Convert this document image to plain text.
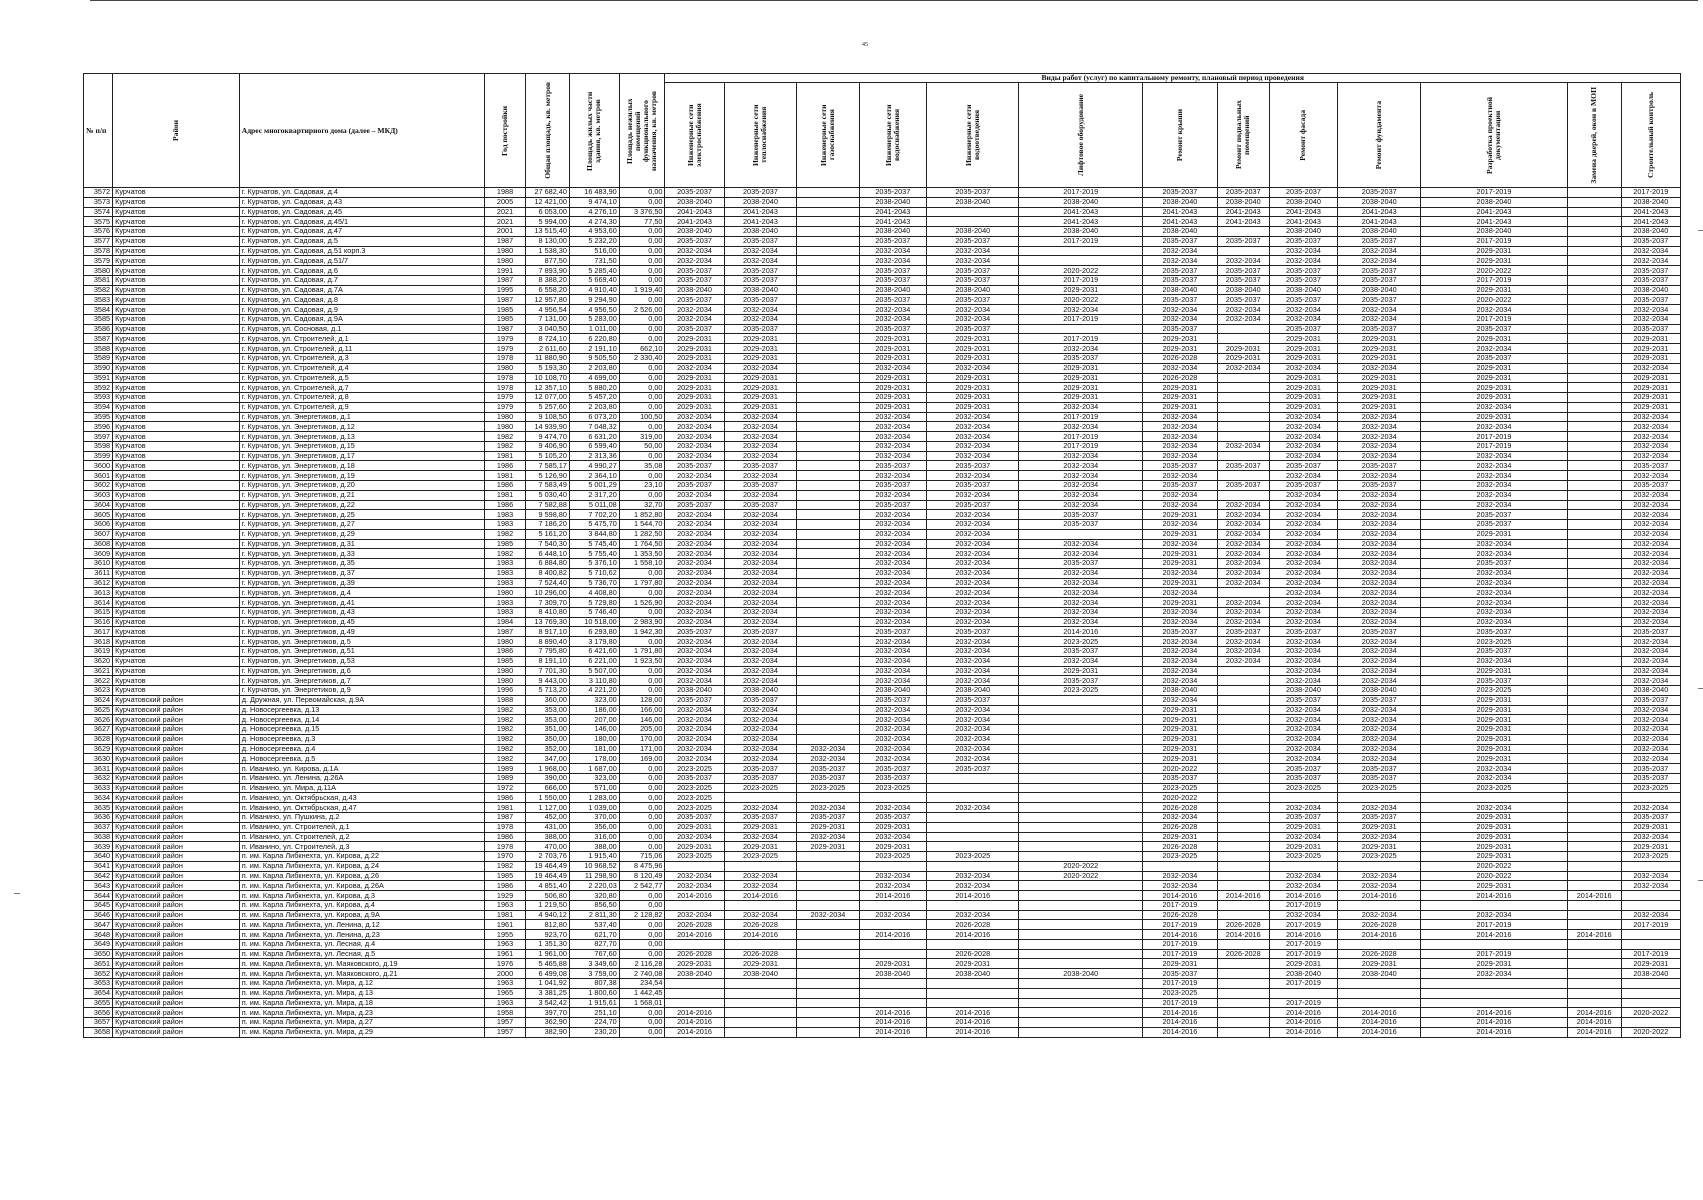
45
№ п/п	Район	Адрес многоквартирного дома (далее – МКД)	Год постройки	Общая площадь, кв. метров	Площадь жилых части здания, кв. метров	Площадь нежилых помещений функционального назначения, кв. метров	Виды работ (услуг) по капитальному ремонту, плановый период проведения												

							Инженерные сети электроснабжения	Инженерные сети теплоснабжения	Инженерные сети газоснабжения	Инженерные сети водоснабжения	Инженерные сети водоотведения	Лифтовое оборудование	Ремонт крыши	Ремонт подвальных помещений	Ремонт фасада	Ремонт фундамента	Разработка проектной документации	Замена дверей, окон в МОП	Строительный контроль

3572	Курчатов	г. Курчатов, ул. Садовая, д.4	1988	27 682,40	16 483,90	0,00	2035-2037	2035-2037		2035-2037	2035-2037	2017-2019	2035-2037	2035-2037	2035-2037	2035-2037	2017-2019		2017-2019
3573	Курчатов	г. Курчатов, ул. Садовая, д.43	2005	12 421,00	9 474,10	0,00	2038-2040	2038-2040		2038-2040	2038-2040	2038-2040	2038-2040	2038-2040	2038-2040	2038-2040	2038-2040		2038-2040
3574	Курчатов	г. Курчатов, ул. Садовая, д.45	2021	6 053,00	4 276,10	3 376,50	2041-2043	2041-2043		2041-2043		2041-2043	2041-2043	2041-2043	2041-2043	2041-2043	2041-2043		2041-2043
3575	Курчатов	г. Курчатов, ул. Садовая, д.45/1	2021	5 994,00	4 274,30	77,50	2041-2043	2041-2043		2041-2043		2041-2043	2041-2043	2041-2043	2041-2043	2041-2043	2041-2043		2041-2043
3576	Курчатов	г. Курчатов, ул. Садовая, д.47	2001	13 515,40	4 953,60	0,00	2038-2040	2038-2040		2038-2040	2038-2040	2038-2040	2038-2040		2038-2040	2038-2040	2038-2040		2038-2040
3577	Курчатов	г. Курчатов, ул. Садовая, д.5	1987	8 130,00	5 232,20	0,00	2035-2037	2035-2037		2035-2037	2035-2037	2017-2019	2035-2037	2035-2037	2035-2037	2035-2037	2017-2019		2035-2037
3578	Курчатов	г. Курчатов, ул. Садовая, д.51 корп.3	1980	1 538,30	516,00	0,00	2032-2034	2032-2034		2032-2034	2032-2034		2032-2034		2032-2034	2032-2034	2029-2031		2032-2034
3579	Курчатов	г. Курчатов, ул. Садовая, д.51/7	1980	877,50	731,50	0,00	2032-2034	2032-2034		2032-2034	2032-2034		2032-2034	2032-2034	2032-2034	2032-2034	2029-2031		2032-2034
3580	Курчатов	г. Курчатов, ул. Садовая, д.6	1991	7 893,90	5 285,40	0,00	2035-2037	2035-2037		2035-2037	2035-2037	2020-2022	2035-2037	2035-2037	2035-2037	2035-2037	2020-2022		2035-2037
3581	Курчатов	г. Курчатов, ул. Садовая, д.7	1987	8 388,20	5 669,40	0,00	2035-2037	2035-2037		2035-2037	2035-2037	2017-2019	2035-2037	2035-2037	2035-2037	2035-2037	2017-2019		2035-2037
3582	Курчатов	г. Курчатов, ул. Садовая, д.7А	1995	6 558,20	4 910,40	1 919,40	2038-2040	2038-2040		2038-2040	2038-2040	2029-2031	2038-2040	2038-2040	2038-2040	2038-2040	2029-2031		2038-2040
3583	Курчатов	г. Курчатов, ул. Садовая, д.8	1987	12 957,80	9 294,90	0,00	2035-2037	2035-2037		2035-2037	2035-2037	2020-2022	2035-2037	2035-2037	2035-2037	2035-2037	2020-2022		2035-2037
3584	Курчатов	г. Курчатов, ул. Садовая, д.9	1985	4 956,54	4 956,50	2 526,00	2032-2034	2032-2034		2032-2034	2032-2034	2032-2034	2032-2034	2032-2034	2032-2034	2032-2034	2032-2034		2032-2034
3585	Курчатов	г. Курчатов, ул. Садовая, д.9А	1985	7 131,00	5 283,00	0,00	2032-2034	2032-2034		2032-2034	2032-2034	2017-2019	2032-2034	2032-2034	2032-2034	2032-2034	2017-2019		2032-2034
3586	Курчатов	г. Курчатов, ул. Сосновая, д.1	1987	3 040,50	1 011,00	0,00	2035-2037	2035-2037		2035-2037	2035-2037		2035-2037		2035-2037	2035-2037	2035-2037		2035-2037
3587	Курчатов	г. Курчатов, ул. Строителей, д.1	1979	8 724,10	6 220,80	0,00	2029-2031	2029-2031		2029-2031	2029-2031	2017-2019	2029-2031		2029-2031	2029-2031	2029-2031		2029-2031
3588	Курчатов	г. Курчатов, ул. Строителей, д.11	1979	2 611,60	2 191,10	662,10	2029-2031	2029-2031		2029-2031	2029-2031	2032-2034	2029-2031	2029-2031	2029-2031	2029-2031	2032-2034		2029-2031
3589	Курчатов	г. Курчатов, ул. Строителей, д.3	1978	11 880,90	9 505,50	2 330,40	2029-2031	2029-2031		2029-2031	2029-2031	2035-2037	2026-2028	2029-2031	2029-2031	2029-2031	2035-2037		2029-2031
3590	Курчатов	г. Курчатов, ул. Строителей, д.4	1980	5 193,30	2 203,80	0,00	2032-2034	2032-2034		2032-2034	2032-2034	2029-2031	2032-2034	2032-2034	2032-2034	2032-2034	2029-2031		2032-2034
3591	Курчатов	г. Курчатов, ул. Строителей, д.5	1978	10 108,70	4 699,00	0,00	2029-2031	2029-2031		2029-2031	2029-2031	2029-2031	2026-2028		2029-2031	2029-2031	2029-2031		2029-2031
3592	Курчатов	г. Курчатов, ул. Строителей, д.7	1978	12 357,10	5 880,20	0,00	2029-2031	2029-2031		2029-2031	2029-2031	2029-2031	2029-2031		2029-2031	2029-2031	2029-2031		2029-2031
3593	Курчатов	г. Курчатов, ул. Строителей, д.8	1979	12 077,00	5 457,20	0,00	2029-2031	2029-2031		2029-2031	2029-2031	2029-2031	2029-2031		2029-2031	2029-2031	2029-2031		2029-2031
3594	Курчатов	г. Курчатов, ул. Строителей, д.9	1979	5 257,60	2 203,80	0,00	2029-2031	2029-2031		2029-2031	2029-2031	2032-2034	2029-2031		2029-2031	2029-2031	2032-2034		2029-2031
3595	Курчатов	г. Курчатов, ул. Энергетиков, д.1	1980	9 108,50	6 073,20	100,50	2032-2034	2032-2034		2032-2034	2032-2034	2017-2019	2032-2034		2032-2034	2032-2034	2029-2031		2032-2034
3596	Курчатов	г. Курчатов, ул. Энергетиков, д.12	1980	14 939,90	7 048,32	0,00	2032-2034	2032-2034		2032-2034	2032-2034	2032-2034	2032-2034		2032-2034	2032-2034	2032-2034		2032-2034
3597	Курчатов	г. Курчатов, ул. Энергетиков, д.13	1982	9 474,70	6 631,20	319,00	2032-2034	2032-2034		2032-2034	2032-2034	2017-2019	2032-2034		2032-2034	2032-2034	2017-2019		2032-2034
3598	Курчатов	г. Курчатов, ул. Энергетиков, д.15	1982	9 406,90	6 599,40	50,00	2032-2034	2032-2034		2032-2034	2032-2034	2017-2019	2032-2034	2032-2034	2032-2034	2032-2034	2017-2019		2032-2034
3599	Курчатов	г. Курчатов, ул. Энергетиков, д.17	1981	5 105,20	2 313,36	0,00	2032-2034	2032-2034		2032-2034	2032-2034	2032-2034	2032-2034		2032-2034	2032-2034	2032-2034		2032-2034
3600	Курчатов	г. Курчатов, ул. Энергетиков, д.18	1986	7 585,17	4 990,27	35,08	2035-2037	2035-2037		2035-2037	2035-2037	2032-2034	2035-2037	2035-2037	2035-2037	2035-2037	2032-2034		2035-2037
3601	Курчатов	г. Курчатов, ул. Энергетиков, д.19	1981	5 126,90	2 364,10	0,00	2032-2034	2032-2034		2032-2034	2032-2034	2032-2034	2032-2034		2032-2034	2032-2034	2032-2034		2032-2034
3602	Курчатов	г. Курчатов, ул. Энергетиков, д.20	1986	7 583,49	5 001,29	23,10	2035-2037	2035-2037		2035-2037	2035-2037	2032-2034	2035-2037	2035-2037	2035-2037	2035-2037	2032-2034		2035-2037
3603	Курчатов	г. Курчатов, ул. Энергетиков, д.21	1981	5 030,40	2 317,20	0,00	2032-2034	2032-2034		2032-2034	2032-2034	2032-2034	2032-2034		2032-2034	2032-2034	2032-2034		2032-2034
3604	Курчатов	г. Курчатов, ул. Энергетиков, д.22	1986	7 582,88	5 011,08	32,70	2035-2037	2035-2037		2035-2037	2035-2037	2032-2034	2032-2034	2032-2034	2032-2034	2032-2034	2032-2034		2032-2034
3605	Курчатов	г. Курчатов, ул. Энергетиков, д.25	1983	9 598,80	7 702,20	1 852,80	2032-2034	2032-2034		2032-2034	2032-2034	2035-2037	2029-2031	2032-2034	2032-2034	2032-2034	2035-2037		2032-2034
3606	Курчатов	г. Курчатов, ул. Энергетиков, д.27	1983	7 186,20	5 475,70	1 544,70	2032-2034	2032-2034		2032-2034	2032-2034	2035-2037	2032-2034	2032-2034	2032-2034	2032-2034	2035-2037		2032-2034
3607	Курчатов	г. Курчатов, ул. Энергетиков, д.29	1982	5 161,20	3 844,80	1 282,50	2032-2034	2032-2034		2032-2034	2032-2034		2029-2031	2032-2034	2032-2034	2032-2034	2029-2031		2032-2034
3608	Курчатов	г. Курчатов, ул. Энергетиков, д.31	1985	7 540,30	5 745,40	1 764,50	2032-2034	2032-2034		2032-2034	2032-2034	2032-2034	2032-2034	2032-2034	2032-2034	2032-2034	2032-2034		2032-2034
3609	Курчатов	г. Курчатов, ул. Энергетиков, д.33	1982	6 448,10	5 755,40	1 353,50	2032-2034	2032-2034		2032-2034	2032-2034	2032-2034	2029-2031	2032-2034	2032-2034	2032-2034	2032-2034		2032-2034
3610	Курчатов	г. Курчатов, ул. Энергетиков, д.35	1983	6 884,80	5 376,10	1 558,10	2032-2034	2032-2034		2032-2034	2032-2034	2035-2037	2029-2031	2032-2034	2032-2034	2032-2034	2035-2037		2032-2034
3611	Курчатов	г. Курчатов, ул. Энергетиков, д.37	1983	8 400,82	5 710,62	0,00	2032-2034	2032-2034		2032-2034	2032-2034	2032-2034	2032-2034	2032-2034	2032-2034	2032-2034	2032-2034		2032-2034
3612	Курчатов	г. Курчатов, ул. Энергетиков, д.39	1983	7 524,40	5 736,70	1 797,80	2032-2034	2032-2034		2032-2034	2032-2034	2032-2034	2029-2031	2032-2034	2032-2034	2032-2034	2032-2034		2032-2034
3613	Курчатов	г. Курчатов, ул. Энергетиков, д.4	1980	10 296,00	4 408,80	0,00	2032-2034	2032-2034		2032-2034	2032-2034	2032-2034	2032-2034		2032-2034	2032-2034	2032-2034		2032-2034
3614	Курчатов	г. Курчатов, ул. Энергетиков, д.41	1983	7 309,70	5 729,80	1 526,90	2032-2034	2032-2034		2032-2034	2032-2034	2032-2034	2029-2031	2032-2034	2032-2034	2032-2034	2032-2034		2032-2034
3615	Курчатов	г. Курчатов, ул. Энергетиков, д.43	1983	8 410,80	5 746,40	0,00	2032-2034	2032-2034		2032-2034	2032-2034	2032-2034	2032-2034	2032-2034	2032-2034	2032-2034	2032-2034		2032-2034
3616	Курчатов	г. Курчатов, ул. Энергетиков, д.45	1984	13 769,30	10 518,00	2 983,90	2032-2034	2032-2034		2032-2034	2032-2034	2032-2034	2032-2034	2032-2034	2032-2034	2032-2034	2032-2034		2032-2034
3617	Курчатов	г. Курчатов, ул. Энергетиков, д.49	1987	8 917,10	6 293,80	1 942,30	2035-2037	2035-2037		2035-2037	2035-2037	2014-2016	2035-2037	2035-2037	2035-2037	2035-2037	2035-2037		2035-2037
3618	Курчатов	г. Курчатов, ул. Энергетиков, д.5	1980	8 890,40	3 179,80	0,00	2032-2034	2032-2034		2032-2034	2032-2034	2023-2025	2032-2034	2032-2034	2032-2034	2032-2034	2023-2025		2032-2034
3619	Курчатов	г. Курчатов, ул. Энергетиков, д.51	1986	7 795,80	6 421,60	1 791,80	2032-2034	2032-2034		2032-2034	2032-2034	2035-2037	2032-2034	2032-2034	2032-2034	2032-2034	2035-2037		2032-2034
3620	Курчатов	г. Курчатов, ул. Энергетиков, д.53	1985	8 191,10	6 221,00	1 923,50	2032-2034	2032-2034		2032-2034	2032-2034	2032-2034	2032-2034	2032-2034	2032-2034	2032-2034	2032-2034		2032-2034
3621	Курчатов	г. Курчатов, ул. Энергетиков, д.6	1980	7 701,30	5 507,00	0,00	2032-2034	2032-2034		2032-2034	2032-2034	2029-2031	2032-2034		2032-2034	2032-2034	2029-2031		2032-2034
3622	Курчатов	г. Курчатов, ул. Энергетиков, д.7	1980	9 443,00	3 110,80	0,00	2032-2034	2032-2034		2032-2034	2032-2034	2035-2037	2032-2034		2032-2034	2032-2034	2035-2037		2032-2034
3623	Курчатов	г. Курчатов, ул. Энергетиков, д.9	1996	5 713,20	4 221,20	0,00	2038-2040	2038-2040		2038-2040	2038-2040	2023-2025	2038-2040		2038-2040	2038-2040	2023-2025		2038-2040
3624	Курчатовский район	д. Дружная, ул. Первомайская, д.9А	1988	360,00	323,00	128,00	2035-2037	2035-2037		2035-2037	2035-2037		2032-2034		2035-2037	2035-2037	2029-2031		2035-2037
3625	Курчатовский район	д. Новосергеевка, д.13	1982	353,00	186,00	166,00	2032-2034	2032-2034		2032-2034	2032-2034		2029-2031		2032-2034	2032-2034	2029-2031		2032-2034
3626	Курчатовский район	д. Новосергеевка, д.14	1982	353,00	207,00	146,00	2032-2034	2032-2034		2032-2034	2032-2034		2029-2031		2032-2034	2032-2034	2029-2031		2032-2034
3627	Курчатовский район	д. Новосергеевка, д.15	1982	351,00	146,00	205,00	2032-2034	2032-2034		2032-2034	2032-2034		2029-2031		2032-2034	2032-2034	2029-2031		2032-2034
3628	Курчатовский район	д. Новосергеевка, д.3	1982	350,00	180,00	170,00	2032-2034	2032-2034		2032-2034	2032-2034		2029-2031		2032-2034	2032-2034	2029-2031		2032-2034
3629	Курчатовский район	д. Новосергеевка, д.4	1982	352,00	181,00	171,00	2032-2034	2032-2034	2032-2034	2032-2034	2032-2034		2029-2031		2032-2034	2032-2034	2029-2031		2032-2034
3630	Курчатовский район	д. Новосергеевка, д.5	1982	347,00	178,00	169,00	2032-2034	2032-2034	2032-2034	2032-2034	2032-2034		2029-2031		2032-2034	2032-2034	2029-2031		2032-2034
3631	Курчатовский район	п. Иванино, ул. Кирова, д.1А	1989	1 968,00	1 687,00	0,00	2023-2025	2035-2037	2035-2037	2035-2037	2035-2037		2020-2022		2035-2037	2035-2037	2032-2034		2035-2037
3632	Курчатовский район	п. Иванино, ул. Ленина, д.26А	1989	390,00	323,00	0,00	2035-2037	2035-2037	2035-2037	2035-2037			2035-2037		2035-2037	2035-2037	2032-2034		2035-2037
3633	Курчатовский район	п. Иванино, ул. Мира, д.11А	1972	666,00	571,00	0,00	2023-2025	2023-2025	2023-2025	2023-2025			2023-2025		2023-2025	2023-2025	2023-2025		2023-2025
3634	Курчатовский район	п. Иванино, ул. Октябрьская, д.43	1986	1 550,00	1 283,00	0,00	2023-2025						2020-2022						
3635	Курчатовский район	п. Иванино, ул. Октябрьская, д.47	1981	1 127,00	1 039,00	0,00	2023-2025	2032-2034	2032-2034	2032-2034	2032-2034		2026-2028		2032-2034	2032-2034	2032-2034		2032-2034
3636	Курчатовский район	п. Иванино, ул. Пушкина, д.2	1987	452,00	370,00	0,00	2035-2037	2035-2037	2035-2037	2035-2037			2032-2034		2035-2037	2035-2037	2029-2031		2035-2037
3637	Курчатовский район	п. Иванино, ул. Строителей, д.1	1978	431,00	356,00	0,00	2029-2031	2029-2031	2029-2031	2029-2031			2026-2028		2029-2031	2029-2031	2029-2031		2029-2031
3638	Курчатовский район	п. Иванино, ул. Строителей, д.2	1986	388,00	316,00	0,00	2032-2034	2032-2034	2032-2034	2032-2034			2029-2031		2032-2034	2032-2034	2029-2031		2032-2034
3639	Курчатовский район	п. Иванино, ул. Строителей, д.3	1978	470,00	388,00	0,00	2029-2031	2029-2031	2029-2031	2029-2031			2026-2028		2029-2031	2029-2031	2029-2031		2029-2031
3640	Курчатовский район	п. им. Карла Либкнехта, ул. Кирова, д.22	1970	2 703,76	1 915,40	715,06	2023-2025	2023-2025		2023-2025	2023-2025		2023-2025		2023-2025	2023-2025	2029-2031		2023-2025
3641	Курчатовский район	п. им. Карла Либкнехта, ул. Кирова, д.24	1982	19 464,49	10 968,52	8 475,96						2020-2022					2020-2022		
3642	Курчатовский район	п. им. Карла Либкнехта, ул. Кирова, д.26	1985	19 464,49	11 298,90	8 120,49	2032-2034	2032-2034		2032-2034	2032-2034	2020-2022	2032-2034		2032-2034	2032-2034	2020-2022		2032-2034
3643	Курчатовский район	п. им. Карла Либкнехта, ул. Кирова, д.26А	1986	4 851,40	2 220,03	2 542,77	2032-2034	2032-2034		2032-2034	2032-2034		2032-2034		2032-2034	2032-2034	2029-2031		2032-2034
3644	Курчатовский район	п. им. Карла Либкнехта, ул. Кирова, д.3	1929	506,80	320,80	0,00	2014-2016	2014-2016		2014-2016	2014-2016		2014-2016	2014-2016	2014-2016	2014-2016	2014-2016	2014-2016	
3645	Курчатовский район	п. им. Карла Либкнехта, ул. Кирова, д.4	1963	1 219,50	856,50	0,00							2017-2019		2017-2019				
3646	Курчатовский район	п. им. Карла Либкнехта, ул. Кирова, д.9А	1981	4 940,12	2 811,30	2 128,82	2032-2034	2032-2034	2032-2034	2032-2034	2032-2034		2026-2028		2032-2034	2032-2034	2032-2034		2032-2034
3647	Курчатовский район	п. им. Карла Либкнехта, ул. Ленина, д.12	1961	812,80	537,40	0,00	2026-2028	2026-2028			2026-2028		2017-2019	2026-2028	2017-2019	2026-2028	2017-2019		2017-2019
3648	Курчатовский район	п. им. Карла Либкнехта, ул. Ленина, д.23	1955	923,70	621,70	0,00	2014-2016	2014-2016		2014-2016	2014-2016		2014-2016	2014-2016	2014-2016	2014-2016	2014-2016	2014-2016	
3649	Курчатовский район	п. им. Карла Либкнехта, ул. Лесная, д.4	1963	1 351,30	827,70	0,00							2017-2019		2017-2019				
3650	Курчатовский район	п. им. Карла Либкнехта, ул. Лесная, д.5	1961	1 961,00	767,60	0,00	2026-2028	2026-2028			2026-2028		2017-2019	2026-2028	2017-2019	2026-2028	2017-2019		2017-2019
3651	Курчатовский район	п. им. Карла Либкнехта, ул. Маяковского, д.19	1976	5 465,88	3 349,60	2 116,28	2029-2031	2029-2031		2029-2031	2029-2031		2029-2031		2029-2031	2029-2031	2029-2031		2029-2031
3652	Курчатовский район	п. им. Карла Либкнехта, ул. Маяковского, д.21	2000	6 499,08	3 759,00	2 740,08	2038-2040	2038-2040		2038-2040	2038-2040	2038-2040	2035-2037		2038-2040	2038-2040	2032-2034		2038-2040
3653	Курчатовский район	п. им. Карла Либкнехта, ул. Мира, д.12	1963	1 041,92	807,38	234,54							2017-2019		2017-2019				
3654	Курчатовский район	п. им. Карла Либкнехта, ул. Мира, д.13	1965	3 381,25	1 800,60	1 442,45							2023-2025						
3655	Курчатовский район	п. им. Карла Либкнехта, ул. Мира, д.18	1963	3 542,42	1 915,61	1 568,01							2017-2019		2017-2019				
3656	Курчатовский район	п. им. Карла Либкнехта, ул. Мира, д.23	1958	397,70	251,10	0,00	2014-2016			2014-2016	2014-2016		2014-2016		2014-2016	2014-2016	2014-2016	2014-2016	2020-2022
3657	Курчатовский район	п. им. Карла Либкнехта, ул. Мира, д.27	1957	362,90	224,70	0,00	2014-2016			2014-2016	2014-2016		2014-2016		2014-2016	2014-2016	2014-2016	2014-2016	
3658	Курчатовский район	п. им. Карла Либкнехта, ул. Мира, д.29	1957	382,90	230,20	0,00	2014-2016			2014-2016	2014-2016		2014-2016		2014-2016	2014-2016	2014-2016	2014-2016	2020-2022
